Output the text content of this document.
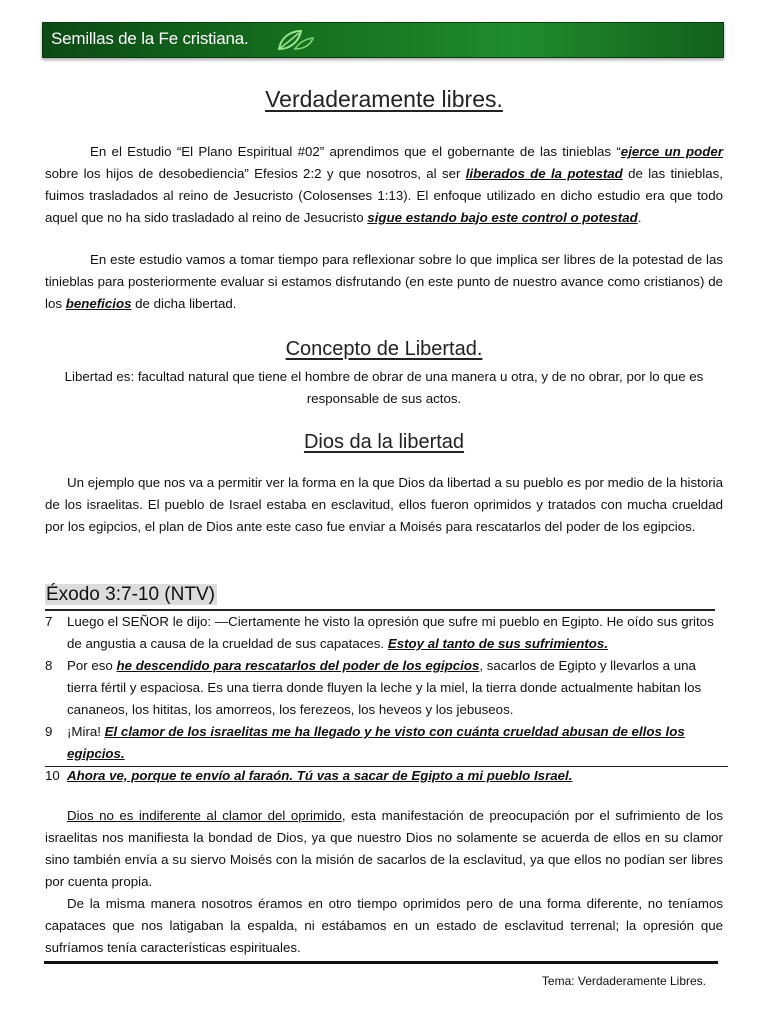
Semillas de la Fe cristiana.
Verdaderamente libres.

En el Estudio “El Plano Espiritual #02” aprendimos que el gobernante de las tinieblas “ejerce un poder sobre los hijos de desobediencia” Efesios 2:2 y que nosotros, al ser liberados de la potestad de las tinieblas, fuimos trasladados al reino de Jesucristo (Colosenses 1:13). El enfoque utilizado en dicho estudio era que todo aquel que no ha sido trasladado al reino de Jesucristo sigue estando bajo este control o potestad.

En este estudio vamos a tomar tiempo para reflexionar sobre lo que implica ser libres de la potestad de las tinieblas para posteriormente evaluar si estamos disfrutando (en este punto de nuestro avance como cristianos) de los beneficios de dicha libertad.

Concepto de Libertad.

Libertad es: facultad natural que tiene el hombre de obrar de una manera u otra, y de no obrar, por lo que es responsable de sus actos.

Dios da la libertad

Un ejemplo que nos va a permitir ver la forma en la que Dios da libertad a su pueblo es por medio de la historia de los israelitas. El pueblo de Israel estaba en esclavitud, ellos fueron oprimidos y tratados con mucha crueldad por los egipcios, el plan de Dios ante este caso fue enviar a Moisés para rescatarlos del poder de los egipcios.

Éxodo 3:7-10 (NTV)

7 Luego el SEÑOR le dijo: —Ciertamente he visto la opresión que sufre mi pueblo en Egipto. He oído sus gritos de angustia a causa de la crueldad de sus capataces. Estoy al tanto de sus sufrimientos.

8 Por eso he descendido para rescatarlos del poder de los egipcios, sacarlos de Egipto y llevarlos a una tierra fértil y espaciosa. Es una tierra donde fluyen la leche y la miel, la tierra donde actualmente habitan los cananeos, los hititas, los amorreos, los ferezeos, los heveos y los jebuseos.

9 ¡Mira! El clamor de los israelitas me ha llegado y he visto con cuánta crueldad abusan de ellos los egipcios.

10 Ahora ve, porque te envío al faraón. Tú vas a sacar de Egipto a mi pueblo Israel.

Dios no es indiferente al clamor del oprimido, esta manifestación de preocupación por el sufrimiento de los israelitas nos manifiesta la bondad de Dios, ya que nuestro Dios no solamente se acuerda de ellos en su clamor sino también envía a su siervo Moisés con la misión de sacarlos de la esclavitud, ya que ellos no podían ser libres por cuenta propia.

De la misma manera nosotros éramos en otro tiempo oprimidos pero de una forma diferente, no teníamos capataces que nos latigaban la espalda, ni estábamos en un estado de esclavitud terrenal; la opresión que sufríamos tenía características espirituales.

Tema: Verdaderamente Libres.
